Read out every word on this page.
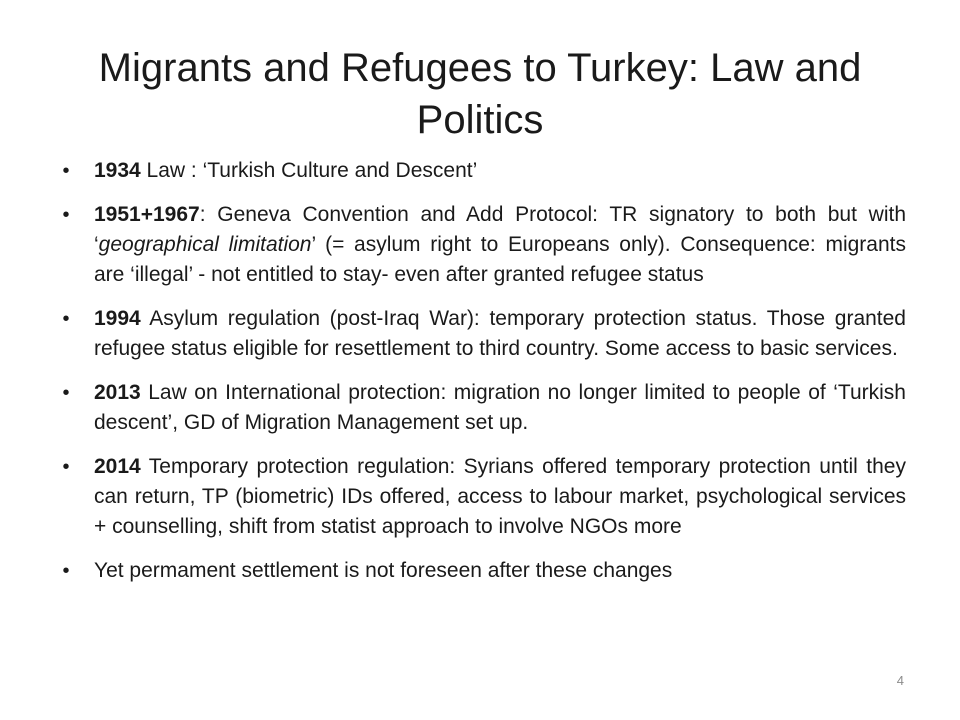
Migrants and Refugees to Turkey: Law and Politics
•	1934 Law : ‘Turkish Culture and Descent’
•	1951+1967: Geneva Convention and Add Protocol: TR signatory to both but with ‘geographical limitation’ (= asylum right to Europeans only). Consequence: migrants are ‘illegal’ - not entitled to stay- even after granted refugee status
•	1994 Asylum regulation (post-Iraq War): temporary protection status. Those granted refugee status eligible for resettlement to third country. Some access to basic services.
•	2013 Law on International protection: migration no longer limited to people of ‘Turkish descent’, GD of Migration Management set up.
•	2014 Temporary protection regulation: Syrians offered temporary protection until they can return, TP (biometric) IDs offered, access to labour market, psychological services + counselling, shift from statist approach to involve NGOs more
•	Yet permament settlement is not foreseen after these changes
4
